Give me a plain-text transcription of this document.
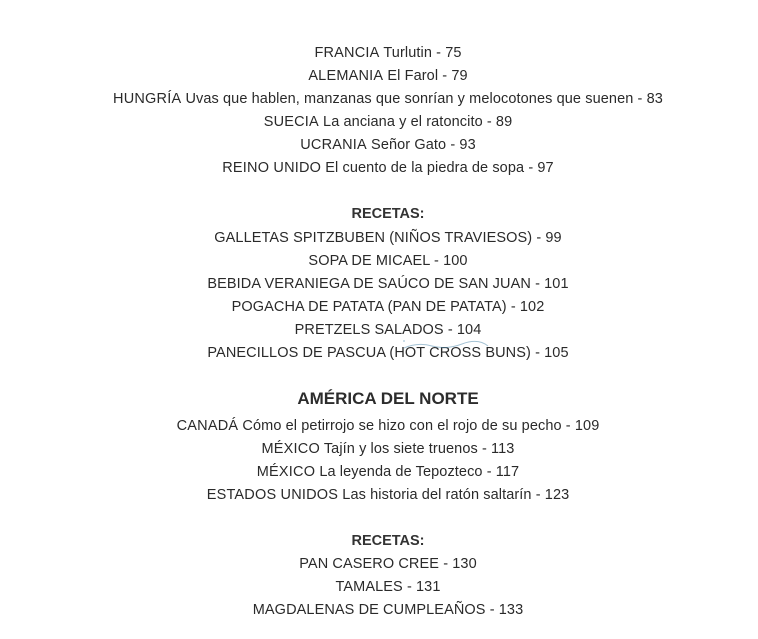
FRANCIA Turlutin - 75
ALEMANIA El Farol - 79
HUNGRÍA Uvas que hablen, manzanas que sonrían y melocotones que suenen - 83
SUECIA La anciana y el ratoncito - 89
UCRANIA Señor Gato - 93
REINO UNIDO El cuento de la piedra de sopa - 97
RECETAS:
GALLETAS SPITZBUBEN (NIÑOS TRAVIESOS) - 99
SOPA DE MICAEL - 100
BEBIDA VERANIEGA DE SAÚCO DE SAN JUAN - 101
POGACHA DE PATATA (PAN DE PATATA) - 102
PRETZELS SALADOS - 104
PANECILLOS DE PASCUA (HOT CROSS BUNS) - 105
AMÉRICA DEL NORTE
CANADÁ Cómo el petirrojo se hizo con el rojo de su pecho - 109
MÉXICO Tajín y los siete truenos - 113
MÉXICO La leyenda de Tepozteco - 117
ESTADOS UNIDOS Las historia del ratón saltarín - 123
RECETAS:
PAN CASERO CREE - 130
TAMALES - 131
MAGDALENAS DE CUMPLEAÑOS - 133
